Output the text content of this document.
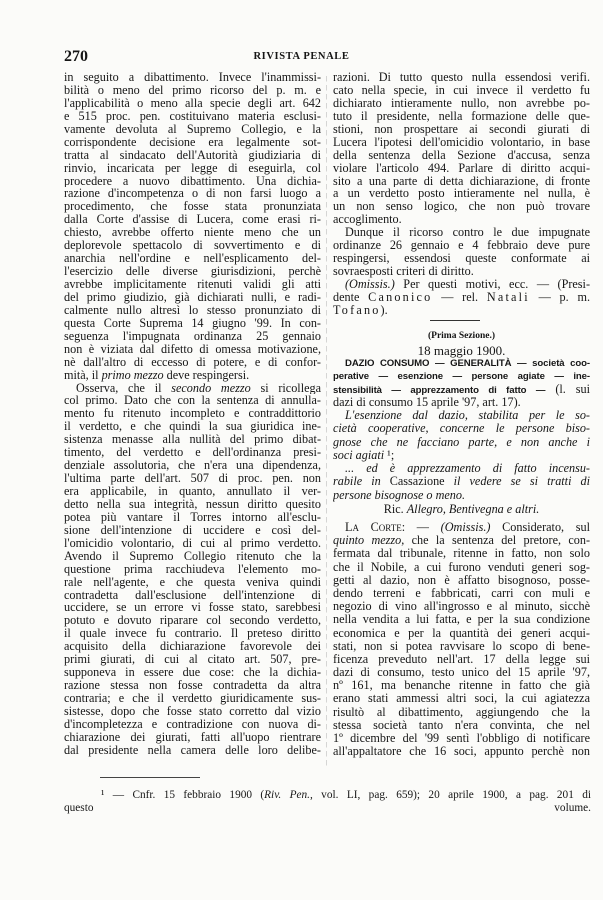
270	RIVISTA PENALE
in seguito a dibattimento. Invece l'inammissi-
bilità o meno del primo ricorso del p. m. e
l'applicabilità o meno alla specie degli art. 642
e 515 proc. pen. costituivano materia esclusi-
vamente devoluta al Supremo Collegio, e la
corrispondente decisione era legalmente sot-
tratta al sindacato dell'Autorità giudiziaria di
rinvio, incaricata per legge di eseguirla, col
procedere a nuovo dibattimento. Una dichia-
razione d'incompetenza o di non farsi luogo a
procedimento, che fosse stata pronunziata
dalla Corte d'assise di Lucera, come erasi ri-
chiesto, avrebbe offerto niente meno che un
deplorevole spettacolo di sovvertimento e di
anarchia nell'ordine e nell'esplicamento del-
l'esercizio delle diverse giurisdizioni, perchè
avrebbe implicitamente ritenuti validi gli atti
del primo giudizio, già dichiarati nulli, e radi-
calmente nullo altresì lo stesso pronunziato di
questa Corte Suprema 14 giugno '99. In con-
seguenza l'impugnata ordinanza 25 gennaio
non è viziata dal difetto di omessa motivazione,
nè dall'altro di eccesso di potere, e di confor-
mità, il primo mezzo deve respingersi.
Osserva, che il secondo mezzo si ricollega
col primo. Dato che con la sentenza di annulla-
mento fu ritenuto incompleto e contraddittorio
il verdetto, e che quindi la sua giuridica ine-
sistenza menasse alla nullità del primo dibat-
timento, del verdetto e dell'ordinanza presi-
denziale assolutoria, che n'era una dipendenza,
l'ultima parte dell'art. 507 di proc. pen. non
era applicabile, in quanto, annullato il ver-
detto nella sua integrità, nessun diritto quesito
potea più vantare il Torres intorno all'esclu-
sione dell'intenzione di uccidere e così del-
l'omicidio volontario, di cui al primo verdetto.
Avendo il Supremo Collegio ritenuto che la
questione prima racchiudeva l'elemento mo-
rale nell'agente, e che questa veniva quindi
contradetta dall'esclusione dell'intenzione di
uccidere, se un errore vi fosse stato, sarebbesi
potuto e dovuto riparare col secondo verdetto,
il quale invece fu contrario. Il preteso diritto
acquisito della dichiarazione favorevole dei
primi giurati, di cui al citato art. 507, pre-
supponeva in essere due cose: che la dichia-
razione stessa non fosse contradetta da altra
contraria; e che il verdetto giuridicamente sus-
sistesse, dopo che fosse stato corretto dal vizio
d'incompletezza e contradizione con nuova di-
chiarazione dei giurati, fatti all'uopo rientrare
dal presidente nella camera delle loro delibe-
razioni. Di tutto questo nulla essendosi verifi.
cato nella specie, in cui invece il verdetto fu
dichiarato intieramente nullo, non avrebbe po-
tuto il presidente, nella formazione delle que-
stioni, non prospettare ai secondi giurati di
Lucera l'ipotesi dell'omicidio volontario, in base
della sentenza della Sezione d'accusa, senza
violare l'articolo 494. Parlare di diritto acqui-
sito a una parte di detta dichiarazione, di fronte
a un verdetto posto intieramente nel nulla, è
un non senso logico, che non può trovare
accoglimento.
Dunque il ricorso contro le due impugnate
ordinanze 26 gennaio e 4 febbraio deve pure
respingersi, essendosi queste conformate ai
sovraesposti criteri di diritto.
(Omissis.) Per questi motivi, ecc. — (Presi-
dente Canonico — rel. Natali — p. m.
Tofano).
(Prima Sezione.)
18 maggio 1900.
DAZIO CONSUMO — GENERALITÀ — società coo-
perative — esenzione — persone agiate — ine-
stensibilità — apprezzamento di fatto — (l. sui
dazi di consumo 15 aprile '97, art. 17).
L'esenzione dal dazio, stabilita per le so-
cietà cooperative, concerne le persone biso-
gnose che ne facciano parte, e non anche i
soci agiati ¹;
... ed è apprezzamento di fatto incensu-
rabile in Cassazione il vedere se si tratti di
persone bisognose o meno.
Ric. Allegro, Bentivegna e altri.
La Corte: — (Omissis.) Considerato, sul
quinto mezzo, che la sentenza del pretore, con-
fermata dal tribunale, ritenne in fatto, non solo
che il Nobile, a cui furono venduti generi sog-
getti al dazio, non è affatto bisognoso, posse-
dendo terreni e fabbricati, carri con muli e
negozio di vino all'ingrosso e al minuto, sicchè
nella vendita a lui fatta, e per la sua condizione
economica e per la quantità dei generi acqui-
stati, non si potea ravvisare lo scopo di bene-
ficenza preveduto nell'art. 17 della legge sui
dazi di consumo, testo unico del 15 aprile '97,
nº 161, ma benanche ritenne in fatto che già
erano stati ammessi altri soci, la cui agiatezza
risultò al dibattimento, aggiungendo che la
stessa società tanto n'era convinta, che nel
1º dicembre del '99 sentì l'obbligo di notificare
all'appaltatore che 16 soci, appunto perchè non
¹ — Cnfr. 15 febbraio 1900 (Riv. Pen., vol. LI, pag. 659); 20 aprile 1900, a pag. 201 di
questo volume.
